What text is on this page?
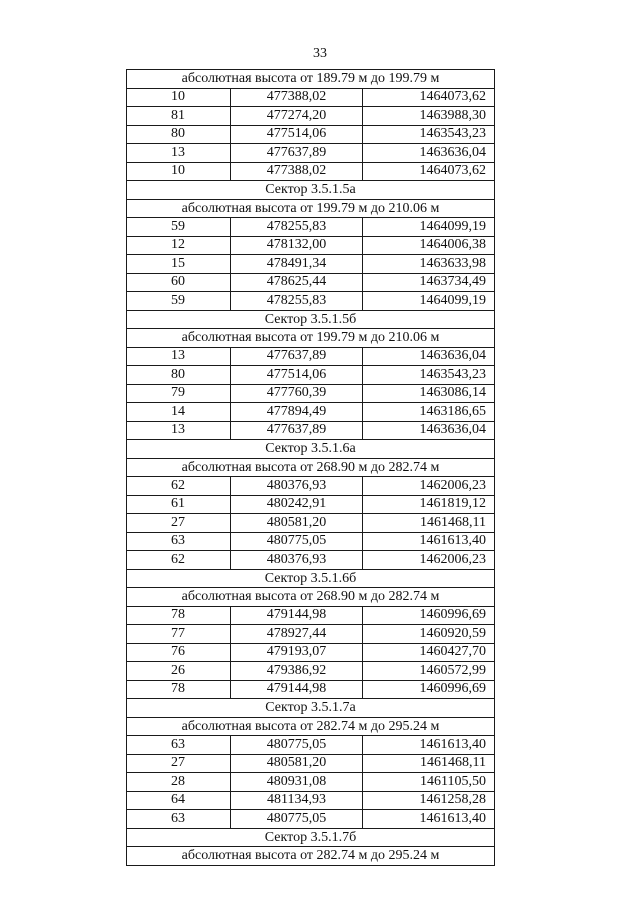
33
абсолютная высота от 189.79 м до 199.79 м		
10	477388,02	1464073,62
81	477274,20	1463988,30
80	477514,06	1463543,23
13	477637,89	1463636,04
10	477388,02	1464073,62
Сектор 3.5.1.5а		
абсолютная высота от 199.79 м до 210.06 м		
59	478255,83	1464099,19
12	478132,00	1464006,38
15	478491,34	1463633,98
60	478625,44	1463734,49
59	478255,83	1464099,19
Сектор 3.5.1.5б		
абсолютная высота от 199.79 м до 210.06 м		
13	477637,89	1463636,04
80	477514,06	1463543,23
79	477760,39	1463086,14
14	477894,49	1463186,65
13	477637,89	1463636,04
Сектор 3.5.1.6а		
абсолютная высота от 268.90 м до 282.74 м		
62	480376,93	1462006,23
61	480242,91	1461819,12
27	480581,20	1461468,11
63	480775,05	1461613,40
62	480376,93	1462006,23
Сектор 3.5.1.6б		
абсолютная высота от 268.90 м до 282.74 м		
78	479144,98	1460996,69
77	478927,44	1460920,59
76	479193,07	1460427,70
26	479386,92	1460572,99
78	479144,98	1460996,69
Сектор 3.5.1.7а		
абсолютная высота от 282.74 м до 295.24 м		
63	480775,05	1461613,40
27	480581,20	1461468,11
28	480931,08	1461105,50
64	481134,93	1461258,28
63	480775,05	1461613,40
Сектор 3.5.1.7б		
абсолютная высота от 282.74 м до 295.24 м		
